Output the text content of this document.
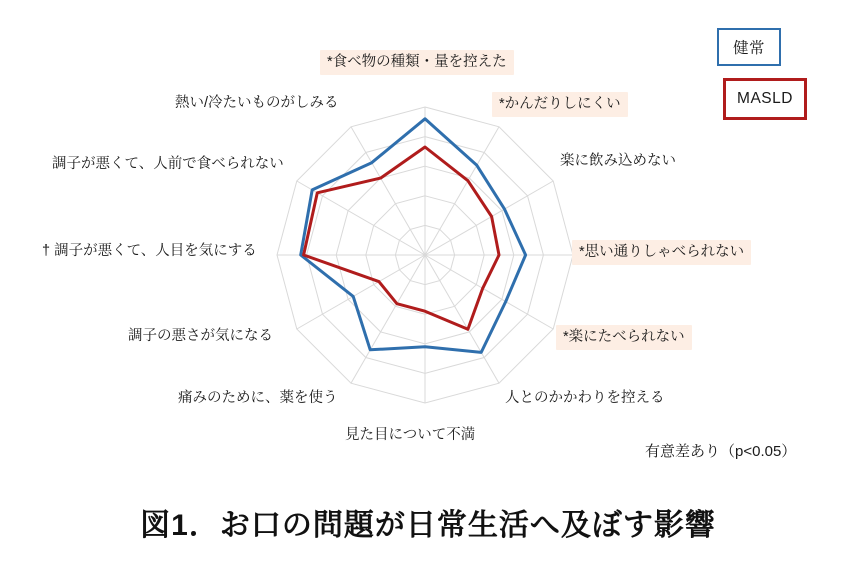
*食べ物の種類・量を控えた
*かんだりしにくい
楽に飲み込めない
*思い通りしゃべられない
*楽にたべられない
人とのかかわりを控える
見た目について不満
痛みのために、薬を使う
調子の悪さが気になる
† 調子が悪くて、人目を気にする
調子が悪くて、人前で食べられない
熱い/冷たいものがしみる
健常
MASLD
有意差あり（p<0.05）
図1．お口の問題が日常生活へ及ぼす影響
